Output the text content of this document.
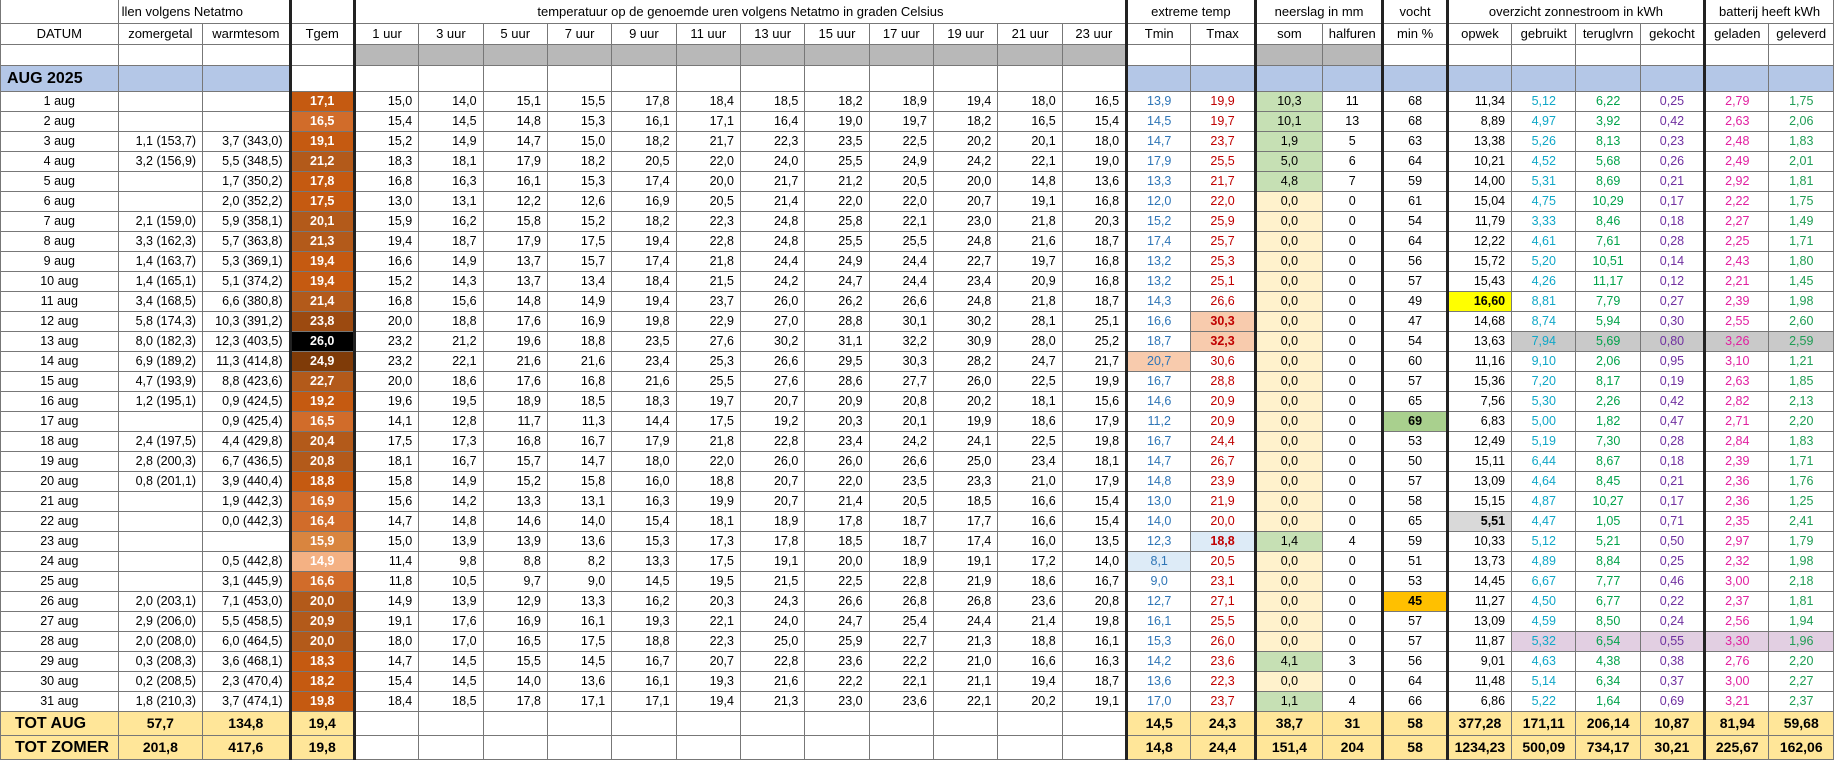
	llen volgens Netatmo			temperatuur op de genoemde uren volgens Netatmo in graden Celsius												extreme temp		neerslag in mm		vocht	overzicht zonnestroom in kWh				batterij heeft kWh	
DATUM	zomergetal	warmtesom	Tgem	1 uur	3 uur	5 uur	7 uur	9 uur	11 uur	13 uur	15 uur	17 uur	19 uur	21 uur	23 uur	Tmin	Tmax	som	halfuren	min %	opwek	gebruikt	teruglvrn	gekocht	geladen	geleverd

AUG 2025																										
1 aug			17,1	15,0	14,0	15,1	15,5	17,8	18,4	18,5	18,2	18,9	19,4	18,0	16,5	13,9	19,9	10,3	11	68	11,34	5,12	6,22	0,25	2,79	1,75
2 aug			16,5	15,4	14,5	14,8	15,3	16,1	17,1	16,4	19,0	19,7	18,2	16,5	15,4	14,5	19,7	10,1	13	68	8,89	4,97	3,92	0,42	2,63	2,06
3 aug	1,1 (153,7)	3,7 (343,0)	19,1	15,2	14,9	14,7	15,0	18,2	21,7	22,3	23,5	22,5	20,2	20,1	18,0	14,7	23,7	1,9	5	63	13,38	5,26	8,13	0,23	2,48	1,83
4 aug	3,2 (156,9)	5,5 (348,5)	21,2	18,3	18,1	17,9	18,2	20,5	22,0	24,0	25,5	24,9	24,2	22,1	19,0	17,9	25,5	5,0	6	64	10,21	4,52	5,68	0,26	2,49	2,01
5 aug		1,7 (350,2)	17,8	16,8	16,3	16,1	15,3	17,4	20,0	21,7	21,2	20,5	20,0	14,8	13,6	13,3	21,7	4,8	7	59	14,00	5,31	8,69	0,21	2,92	1,81
6 aug		2,0 (352,2)	17,5	13,0	13,1	12,2	12,6	16,9	20,5	21,4	22,0	22,0	20,7	19,1	16,8	12,0	22,0	0,0	0	61	15,04	4,75	10,29	0,17	2,22	1,75
7 aug	2,1 (159,0)	5,9 (358,1)	20,1	15,9	16,2	15,8	15,2	18,2	22,3	24,8	25,8	22,1	23,0	21,8	20,3	15,2	25,9	0,0	0	54	11,79	3,33	8,46	0,18	2,27	1,49
8 aug	3,3 (162,3)	5,7 (363,8)	21,3	19,4	18,7	17,9	17,5	19,4	22,8	24,8	25,5	25,5	24,8	21,6	18,7	17,4	25,7	0,0	0	64	12,22	4,61	7,61	0,28	2,25	1,71
9 aug	1,4 (163,7)	5,3 (369,1)	19,4	16,6	14,9	13,7	15,7	17,4	21,8	24,4	24,9	24,4	22,7	19,7	16,8	13,2	25,3	0,0	0	56	15,72	5,20	10,51	0,14	2,43	1,80
10 aug	1,4 (165,1)	5,1 (374,2)	19,4	15,2	14,3	13,7	13,4	18,4	21,5	24,2	24,7	24,4	23,4	20,9	16,8	13,2	25,1	0,0	0	57	15,43	4,26	11,17	0,12	2,21	1,45
11 aug	3,4 (168,5)	6,6 (380,8)	21,4	16,8	15,6	14,8	14,9	19,4	23,7	26,0	26,2	26,6	24,8	21,8	18,7	14,3	26,6	0,0	0	49	16,60	8,81	7,79	0,27	2,39	1,98
12 aug	5,8 (174,3)	10,3 (391,2)	23,8	20,0	18,8	17,6	16,9	19,8	22,9	27,0	28,8	30,1	30,2	28,1	25,1	16,6	30,3	0,0	0	47	14,68	8,74	5,94	0,30	2,55	2,60
13 aug	8,0 (182,3)	12,3 (403,5)	26,0	23,2	21,2	19,6	18,8	23,5	27,6	30,2	31,1	32,2	30,9	28,0	25,2	18,7	32,3	0,0	0	54	13,63	7,94	5,69	0,80	3,26	2,59
14 aug	6,9 (189,2)	11,3 (414,8)	24,9	23,2	22,1	21,6	21,6	23,4	25,3	26,6	29,5	30,3	28,2	24,7	21,7	20,7	30,6	0,0	0	60	11,16	9,10	2,06	0,95	3,10	1,21
15 aug	4,7 (193,9)	8,8 (423,6)	22,7	20,0	18,6	17,6	16,8	21,6	25,5	27,6	28,6	27,7	26,0	22,5	19,9	16,7	28,8	0,0	0	57	15,36	7,20	8,17	0,19	2,63	1,85
16 aug	1,2 (195,1)	0,9 (424,5)	19,2	19,6	19,5	18,9	18,5	18,3	19,7	20,7	20,9	20,8	20,2	18,1	15,6	14,6	20,9	0,0	0	65	7,56	5,30	2,26	0,42	2,82	2,13
17 aug		0,9 (425,4)	16,5	14,1	12,8	11,7	11,3	14,4	17,5	19,2	20,3	20,1	19,9	18,6	17,9	11,2	20,9	0,0	0	69	6,83	5,00	1,82	0,47	2,71	2,20
18 aug	2,4 (197,5)	4,4 (429,8)	20,4	17,5	17,3	16,8	16,7	17,9	21,8	22,8	23,4	24,2	24,1	22,5	19,8	16,7	24,4	0,0	0	53	12,49	5,19	7,30	0,28	2,84	1,83
19 aug	2,8 (200,3)	6,7 (436,5)	20,8	18,1	16,7	15,7	14,7	18,0	22,0	26,0	26,0	26,6	25,0	23,4	18,1	14,7	26,7	0,0	0	50	15,11	6,44	8,67	0,18	2,39	1,71
20 aug	0,8 (201,1)	3,9 (440,4)	18,8	15,8	14,9	15,2	15,8	16,0	18,8	20,7	22,0	23,5	23,3	21,0	17,9	14,8	23,9	0,0	0	57	13,09	4,64	8,45	0,21	2,36	1,76
21 aug		1,9 (442,3)	16,9	15,6	14,2	13,3	13,1	16,3	19,9	20,7	21,4	20,5	18,5	16,6	15,4	13,0	21,9	0,0	0	58	15,15	4,87	10,27	0,17	2,36	1,25
22 aug		0,0 (442,3)	16,4	14,7	14,8	14,6	14,0	15,4	18,1	18,9	17,8	18,7	17,7	16,6	15,4	14,0	20,0	0,0	0	65	5,51	4,47	1,05	0,71	2,35	2,41
23 aug			15,9	15,0	13,9	13,9	13,6	15,3	17,3	17,8	18,5	18,7	17,4	16,0	13,5	12,3	18,8	1,4	4	59	10,33	5,12	5,21	0,50	2,97	1,79
24 aug		0,5 (442,8)	14,9	11,4	9,8	8,8	8,2	13,3	17,5	19,1	20,0	18,9	19,1	17,2	14,0	8,1	20,5	0,0	0	51	13,73	4,89	8,84	0,25	2,32	1,98
25 aug		3,1 (445,9)	16,6	11,8	10,5	9,7	9,0	14,5	19,5	21,5	22,5	22,8	21,9	18,6	16,7	9,0	23,1	0,0	0	53	14,45	6,67	7,77	0,46	3,00	2,18
26 aug	2,0 (203,1)	7,1 (453,0)	20,0	14,9	13,9	12,9	13,3	16,2	20,3	24,3	26,6	26,8	26,8	23,6	20,8	12,7	27,1	0,0	0	45	11,27	4,50	6,77	0,22	2,37	1,81
27 aug	2,9 (206,0)	5,5 (458,5)	20,9	19,1	17,6	16,9	16,1	19,3	22,1	24,0	24,7	25,4	24,4	21,4	19,8	16,1	25,5	0,0	0	57	13,09	4,59	8,50	0,24	2,56	1,94
28 aug	2,0 (208,0)	6,0 (464,5)	20,0	18,0	17,0	16,5	17,5	18,8	22,3	25,0	25,9	22,7	21,3	18,8	16,1	15,3	26,0	0,0	0	57	11,87	5,32	6,54	0,55	3,30	1,96
29 aug	0,3 (208,3)	3,6 (468,1)	18,3	14,7	14,5	15,5	14,5	16,7	20,7	22,8	23,6	22,2	21,0	16,6	16,3	14,2	23,6	4,1	3	56	9,01	4,63	4,38	0,38	2,76	2,20
30 aug	0,2 (208,5)	2,3 (470,4)	18,2	15,4	14,5	14,0	13,6	16,1	19,3	21,6	22,2	22,1	21,1	19,4	18,7	13,6	22,3	0,0	0	64	11,48	5,14	6,34	0,37	3,00	2,27
31 aug	1,8 (210,3)	3,7 (474,1)	19,8	18,4	18,5	17,8	17,1	17,1	19,4	21,3	23,0	23,6	22,1	20,2	19,1	17,0	23,7	1,1	4	66	6,86	5,22	1,64	0,69	3,21	2,37
TOT AUG	57,7	134,8	19,4													14,5	24,3	38,7	31	58	377,28	171,11	206,14	10,87	81,94	59,68
TOT ZOMER	201,8	417,6	19,8													14,8	24,4	151,4	204	58	1234,23	500,09	734,17	30,21	225,67	162,06
